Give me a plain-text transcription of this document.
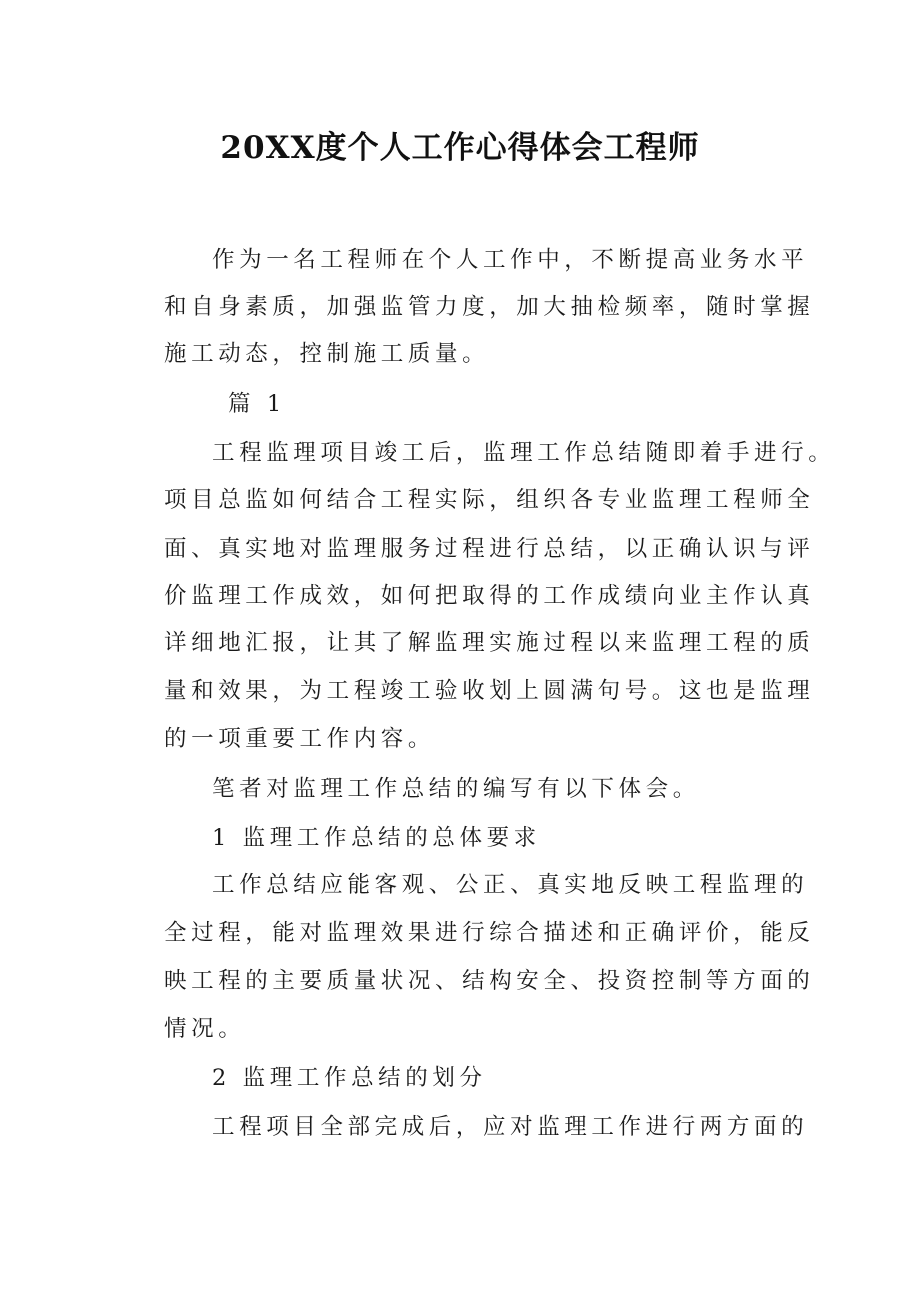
20XX度个人工作心得体会工程师
作为一名工程师在个人工作中，不断提高业务水平
和自身素质，加强监管力度，加大抽检频率，随时掌握
施工动态，控制施工质量。
篇 1
工程监理项目竣工后，监理工作总结随即着手进行。
项目总监如何结合工程实际，组织各专业监理工程师全
面、真实地对监理服务过程进行总结，以正确认识与评
价监理工作成效，如何把取得的工作成绩向业主作认真
详细地汇报，让其了解监理实施过程以来监理工程的质
量和效果，为工程竣工验收划上圆满句号。这也是监理
的一项重要工作内容。
笔者对监理工作总结的编写有以下体会。
1 监理工作总结的总体要求
工作总结应能客观、公正、真实地反映工程监理的
全过程，能对监理效果进行综合描述和正确评价，能反
映工程的主要质量状况、结构安全、投资控制等方面的
情况。
2 监理工作总结的划分
工程项目全部完成后，应对监理工作进行两方面的
